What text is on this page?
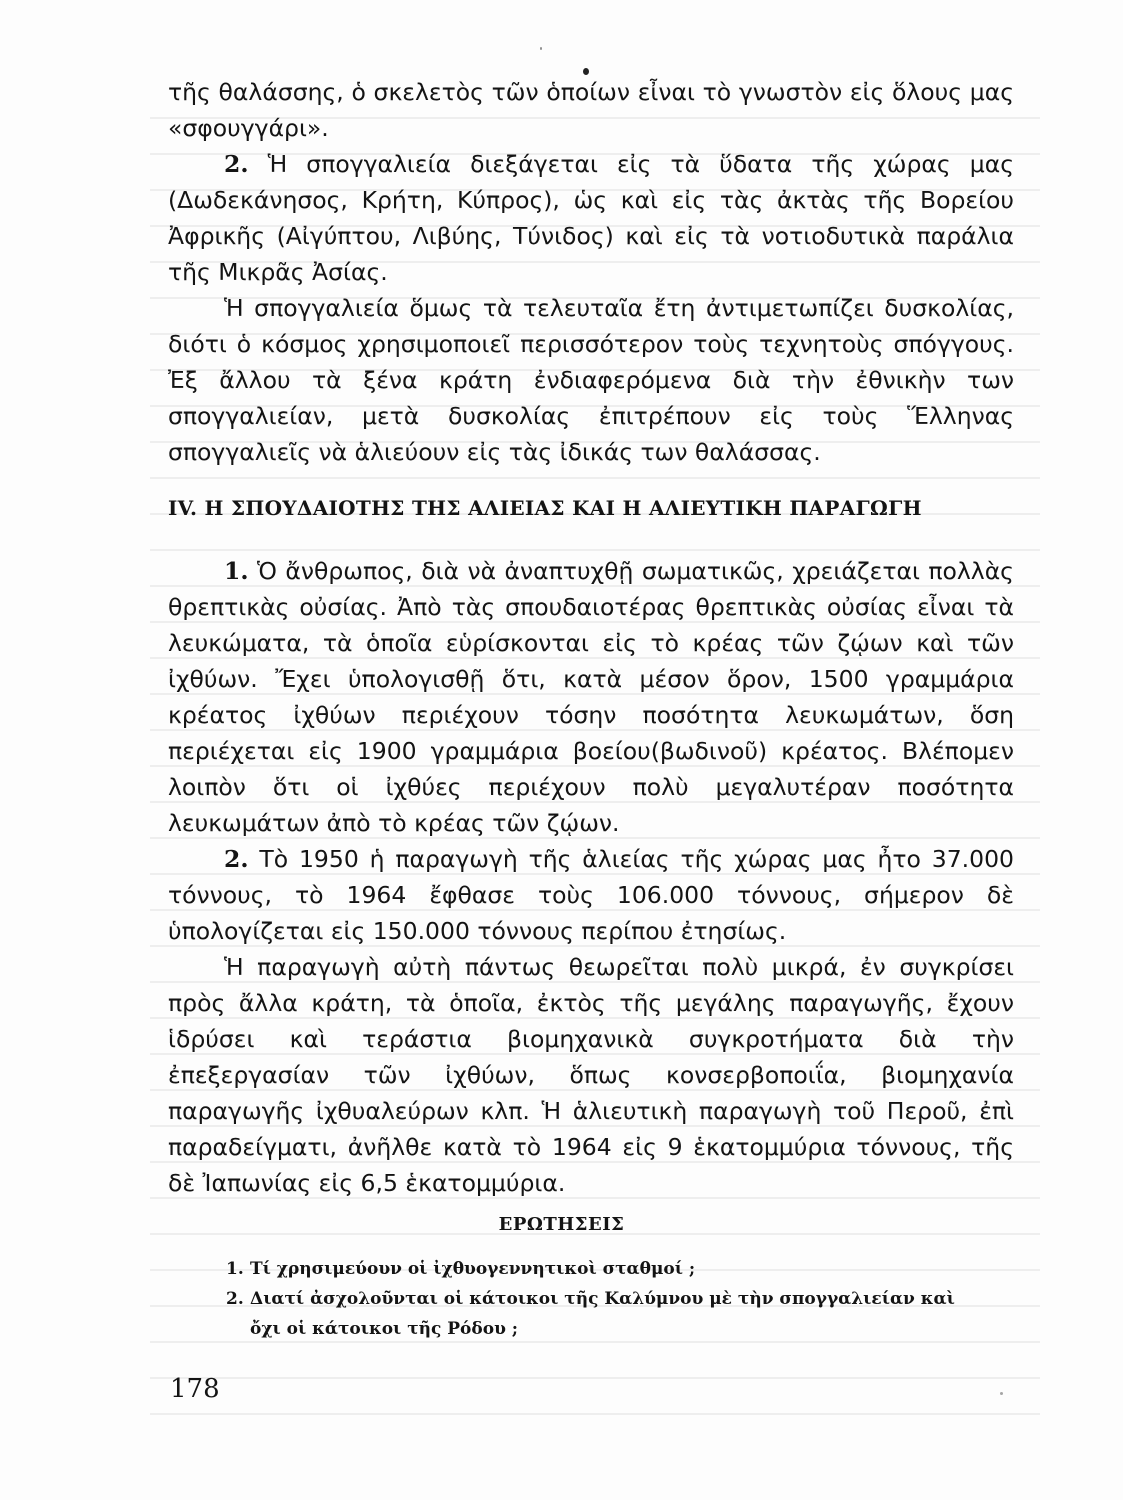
τῆς θαλάσσης, ὁ σκελετὸς τῶν ὁποίων εἶναι τὸ γνωστὸν εἰς ὅλους μας «σφουγγάρι».

2. Ἡ σπογγαλιεία διεξάγεται εἰς τὰ ὕδατα τῆς χώρας μας (Δωδεκάνησος, Κρήτη, Κύπρος), ὡς καὶ εἰς τὰς ἀκτὰς τῆς Βορείου Ἀφρικῆς (Αἰγύπτου, Λιβύης, Τύνιδος) καὶ εἰς τὰ νοτιοδυτικὰ παράλια τῆς Μικρᾶς Ἀσίας.

Ἡ σπογγαλιεία ὅμως τὰ τελευταῖα ἔτη ἀντιμετωπίζει δυσκολίας, διότι ὁ κόσμος χρησιμοποιεῖ περισσότερον τοὺς τεχνητοὺς σπόγγους. Ἐξ ἄλλου τὰ ξένα κράτη ἐνδιαφερόμενα διὰ τὴν ἐθνικὴν των σπογγαλιείαν, μετὰ δυσκολίας ἐπιτρέπουν εἰς τοὺς Ἕλληνας σπογγαλιεῖς νὰ ἁλιεύουν εἰς τὰς ἰδικάς των θαλάσσας.

IV. Η ΣΠΟΥΔΑΙΟΤΗΣ ΤΗΣ ΑΛΙΕΙΑΣ ΚΑΙ Η ΑΛΙΕΥΤΙΚΗ ΠΑΡΑΓΩΓΗ

1. Ὁ ἄνθρωπος, διὰ νὰ ἀναπτυχθῇ σωματικῶς, χρειάζεται πολλὰς θρεπτικὰς οὐσίας. Ἀπὸ τὰς σπουδαιοτέρας θρεπτικὰς οὐσίας εἶναι τὰ λευκώματα, τὰ ὁποῖα εὑρίσκονται εἰς τὸ κρέας τῶν ζῴων καὶ τῶν ἰχθύων. Ἔχει ὑπολογισθῇ ὅτι, κατὰ μέσον ὅρον, 1500 γραμμάρια κρέατος ἰχθύων περιέχουν τόσην ποσότητα λευκωμάτων, ὅση περιέχεται εἰς 1900 γραμμάρια βοείου(βωδινοῦ) κρέατος. Βλέπομεν λοιπὸν ὅτι οἱ ἰχθύες περιέχουν πολὺ μεγαλυτέραν ποσότητα λευκωμάτων ἀπὸ τὸ κρέας τῶν ζῴων.

2. Τὸ 1950 ἡ παραγωγὴ τῆς ἁλιείας τῆς χώρας μας ἦτο 37.000 τόννους, τὸ 1964 ἔφθασε τοὺς 106.000 τόννους, σήμερον δὲ ὑπολογίζεται εἰς 150.000 τόννους περίπου ἐτησίως.

Ἡ παραγωγὴ αὐτὴ πάντως θεωρεῖται πολὺ μικρά, ἐν συγκρίσει πρὸς ἄλλα κράτη, τὰ ὁποῖα, ἐκτὸς τῆς μεγάλης παραγωγῆς, ἔχουν ἱδρύσει καὶ τεράστια βιομηχανικὰ συγκροτήματα διὰ τὴν ἐπεξεργασίαν τῶν ἰχθύων, ὅπως κονσερβοποιΐα, βιομηχανία παραγωγῆς ἰχθυαλεύρων κλπ. Ἡ ἁλιευτικὴ παραγωγὴ τοῦ Περοῦ, ἐπὶ παραδείγματι, ἀνῆλθε κατὰ τὸ 1964 εἰς 9 ἑκατομμύρια τόννους, τῆς δὲ Ἰαπωνίας εἰς 6,5 ἑκατομμύρια.

ΕΡΩΤΗΣΕΙΣ
1. Τί χρησιμεύουν οἱ ἰχθυογεννητικοὶ σταθμοί ;
2. Διατί ἀσχολοῦνται οἱ κάτοικοι τῆς Καλύμνου μὲ τὴν σπογγαλιείαν καὶ
ὄχι οἱ κάτοικοι τῆς Ρόδου ;
178
